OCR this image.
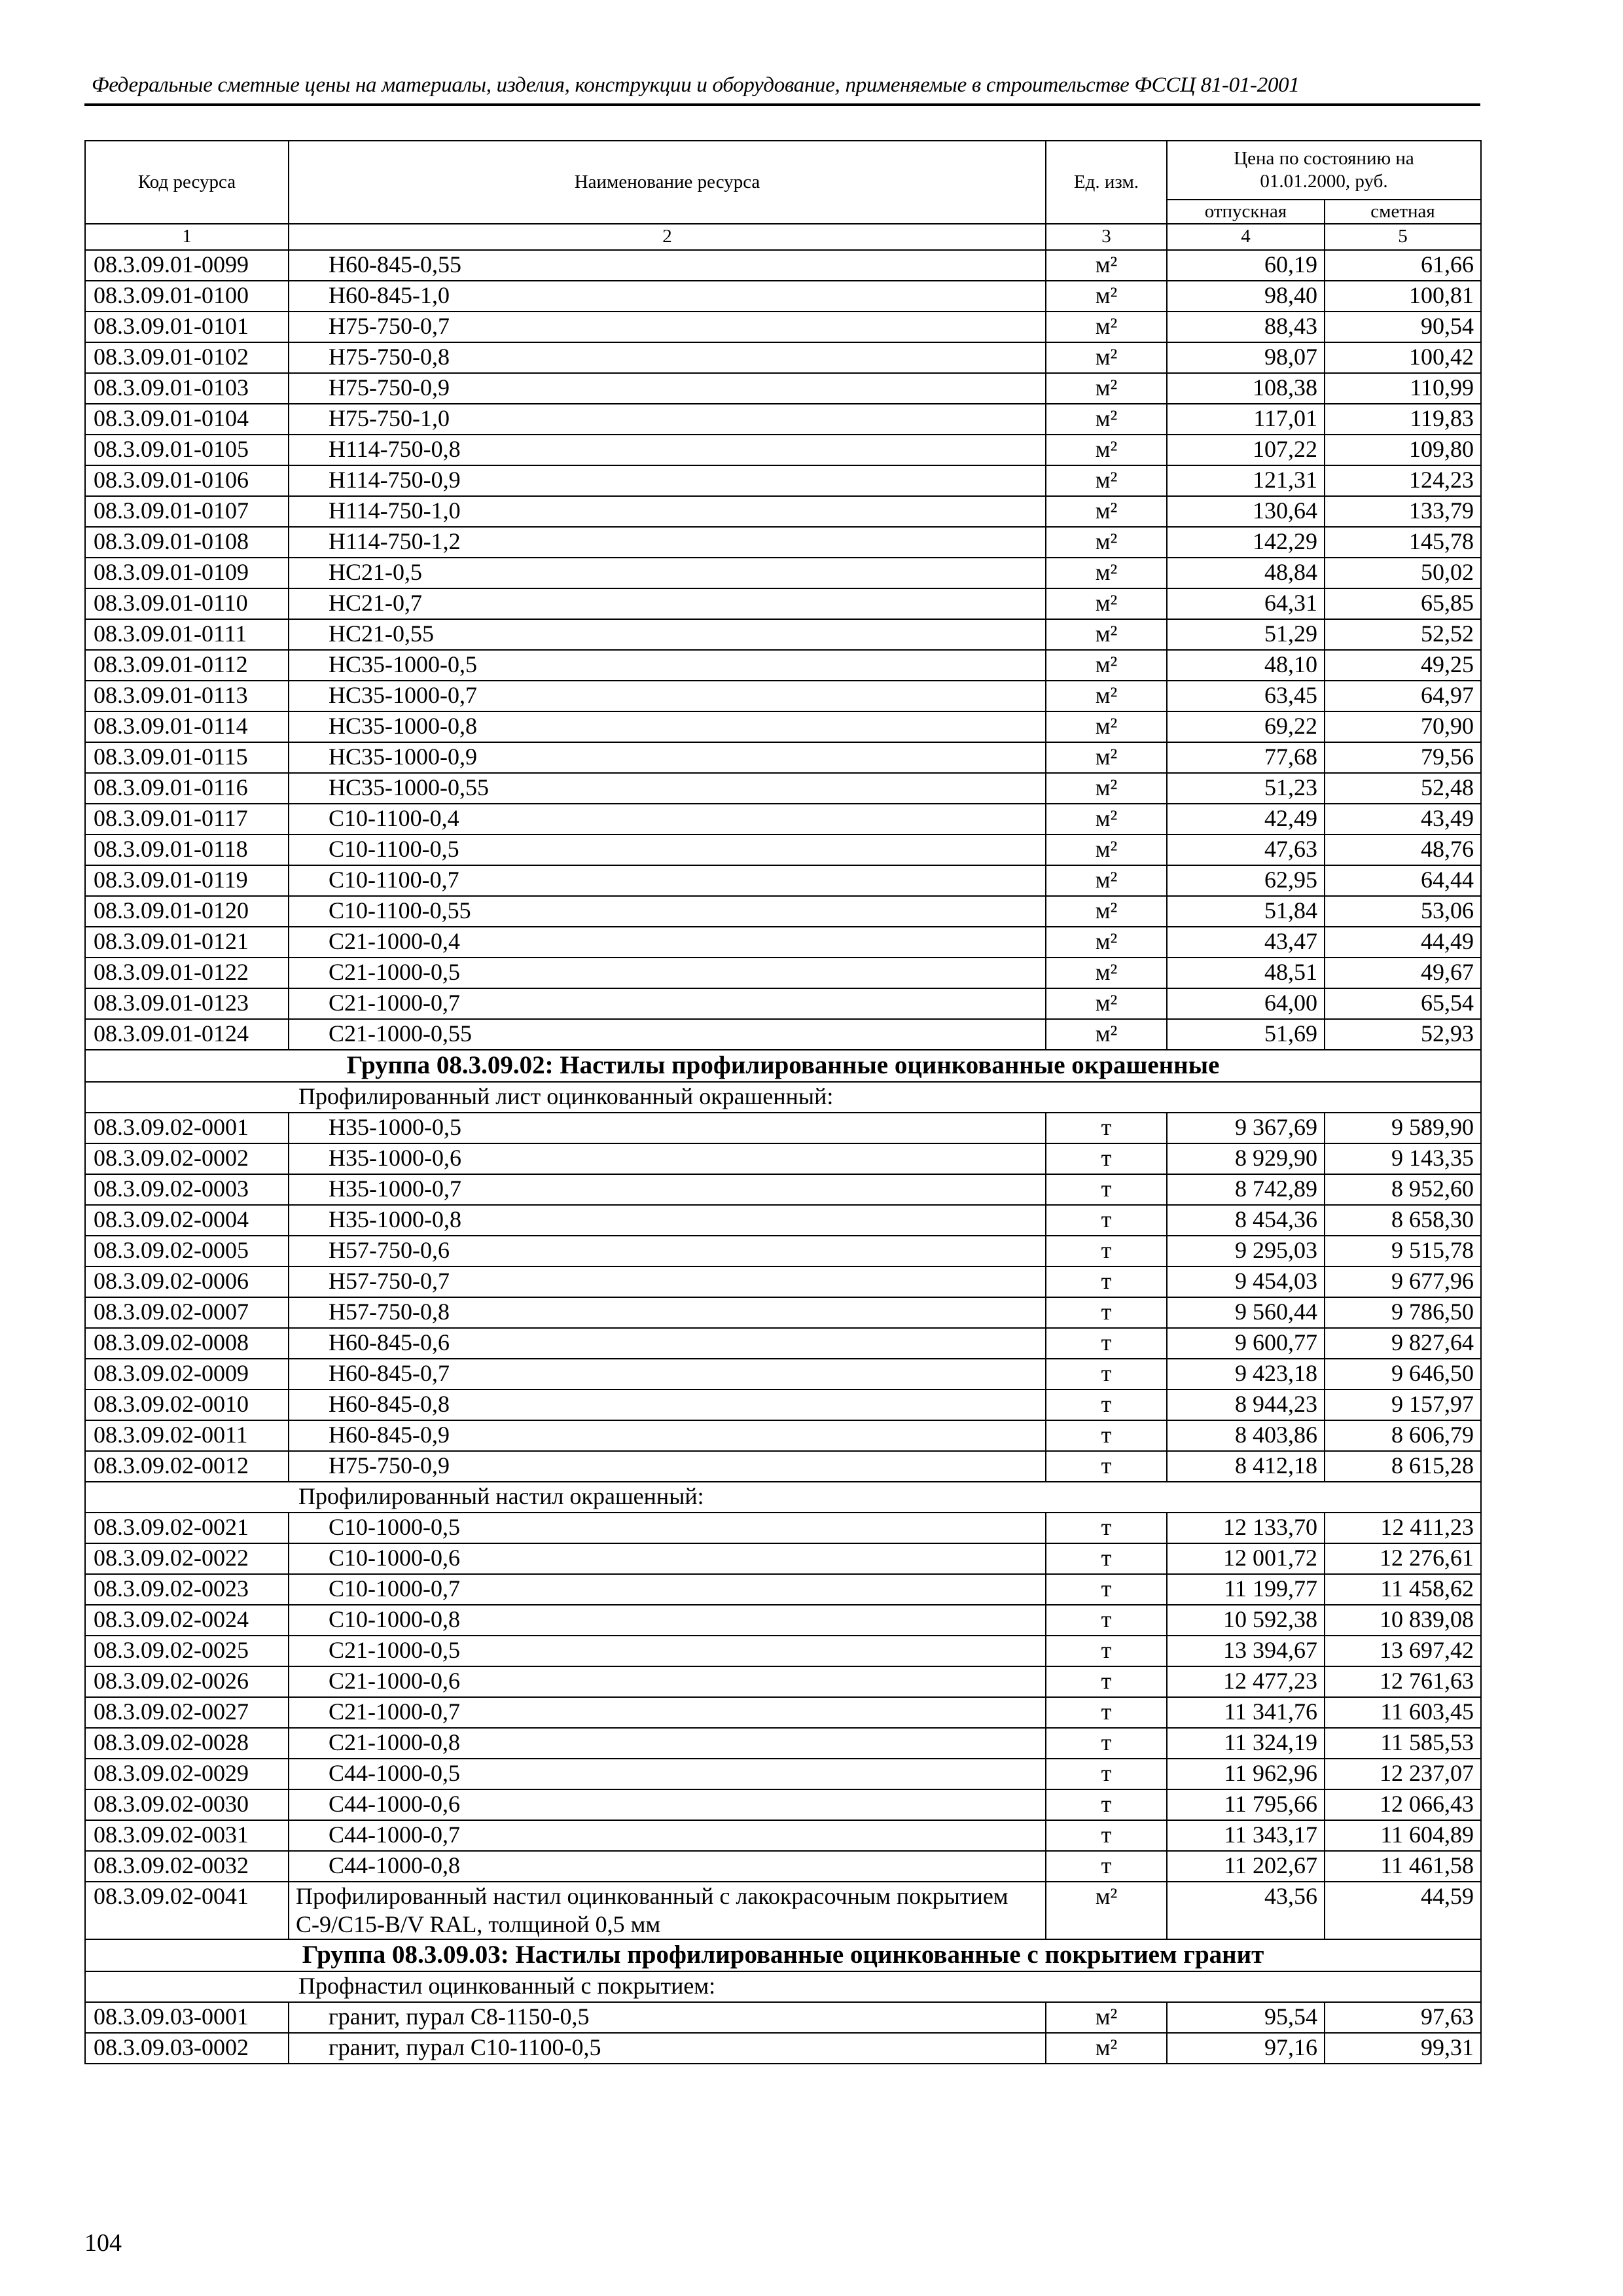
Федеральные сметные цены на материалы, изделия, конструкции и оборудование, применяемые в строительстве ФССЦ 81-01-2001
Код ресурса	Наименование ресурса	Ед. изм.	Цена по состоянию на 01.01.2000, руб.	
			отпускная	сметная
1	2	3	4	5
08.3.09.01-0099	Н60-845-0,55	м²	60,19	61,66
08.3.09.01-0100	Н60-845-1,0	м²	98,40	100,81
08.3.09.01-0101	Н75-750-0,7	м²	88,43	90,54
08.3.09.01-0102	Н75-750-0,8	м²	98,07	100,42
08.3.09.01-0103	Н75-750-0,9	м²	108,38	110,99
08.3.09.01-0104	Н75-750-1,0	м²	117,01	119,83
08.3.09.01-0105	Н114-750-0,8	м²	107,22	109,80
08.3.09.01-0106	Н114-750-0,9	м²	121,31	124,23
08.3.09.01-0107	Н114-750-1,0	м²	130,64	133,79
08.3.09.01-0108	Н114-750-1,2	м²	142,29	145,78
08.3.09.01-0109	НС21-0,5	м²	48,84	50,02
08.3.09.01-0110	НС21-0,7	м²	64,31	65,85
08.3.09.01-0111	НС21-0,55	м²	51,29	52,52
08.3.09.01-0112	НС35-1000-0,5	м²	48,10	49,25
08.3.09.01-0113	НС35-1000-0,7	м²	63,45	64,97
08.3.09.01-0114	НС35-1000-0,8	м²	69,22	70,90
08.3.09.01-0115	НС35-1000-0,9	м²	77,68	79,56
08.3.09.01-0116	НС35-1000-0,55	м²	51,23	52,48
08.3.09.01-0117	С10-1100-0,4	м²	42,49	43,49
08.3.09.01-0118	С10-1100-0,5	м²	47,63	48,76
08.3.09.01-0119	С10-1100-0,7	м²	62,95	64,44
08.3.09.01-0120	С10-1100-0,55	м²	51,84	53,06
08.3.09.01-0121	С21-1000-0,4	м²	43,47	44,49
08.3.09.01-0122	С21-1000-0,5	м²	48,51	49,67
08.3.09.01-0123	С21-1000-0,7	м²	64,00	65,54
08.3.09.01-0124	С21-1000-0,55	м²	51,69	52,93
Группа 08.3.09.02: Настилы профилированные оцинкованные окрашенные				
Профилированный лист оцинкованный окрашенный:				
08.3.09.02-0001	Н35-1000-0,5	т	9 367,69	9 589,90
08.3.09.02-0002	Н35-1000-0,6	т	8 929,90	9 143,35
08.3.09.02-0003	Н35-1000-0,7	т	8 742,89	8 952,60
08.3.09.02-0004	Н35-1000-0,8	т	8 454,36	8 658,30
08.3.09.02-0005	Н57-750-0,6	т	9 295,03	9 515,78
08.3.09.02-0006	Н57-750-0,7	т	9 454,03	9 677,96
08.3.09.02-0007	Н57-750-0,8	т	9 560,44	9 786,50
08.3.09.02-0008	Н60-845-0,6	т	9 600,77	9 827,64
08.3.09.02-0009	Н60-845-0,7	т	9 423,18	9 646,50
08.3.09.02-0010	Н60-845-0,8	т	8 944,23	9 157,97
08.3.09.02-0011	Н60-845-0,9	т	8 403,86	8 606,79
08.3.09.02-0012	Н75-750-0,9	т	8 412,18	8 615,28
Профилированный настил окрашенный:				
08.3.09.02-0021	С10-1000-0,5	т	12 133,70	12 411,23
08.3.09.02-0022	С10-1000-0,6	т	12 001,72	12 276,61
08.3.09.02-0023	С10-1000-0,7	т	11 199,77	11 458,62
08.3.09.02-0024	С10-1000-0,8	т	10 592,38	10 839,08
08.3.09.02-0025	С21-1000-0,5	т	13 394,67	13 697,42
08.3.09.02-0026	С21-1000-0,6	т	12 477,23	12 761,63
08.3.09.02-0027	С21-1000-0,7	т	11 341,76	11 603,45
08.3.09.02-0028	С21-1000-0,8	т	11 324,19	11 585,53
08.3.09.02-0029	С44-1000-0,5	т	11 962,96	12 237,07
08.3.09.02-0030	С44-1000-0,6	т	11 795,66	12 066,43
08.3.09.02-0031	С44-1000-0,7	т	11 343,17	11 604,89
08.3.09.02-0032	С44-1000-0,8	т	11 202,67	11 461,58
08.3.09.02-0041	Профилированный настил оцинкованный с лакокрасочным покрытием С-9/С15-В/V RAL, толщиной 0,5 мм	м²	43,56	44,59
Группа 08.3.09.03: Настилы профилированные оцинкованные с покрытием гранит				
Профнастил оцинкованный с покрытием:				
08.3.09.03-0001	гранит, пурал С8-1150-0,5	м²	95,54	97,63
08.3.09.03-0002	гранит, пурал С10-1100-0,5	м²	97,16	99,31
104
